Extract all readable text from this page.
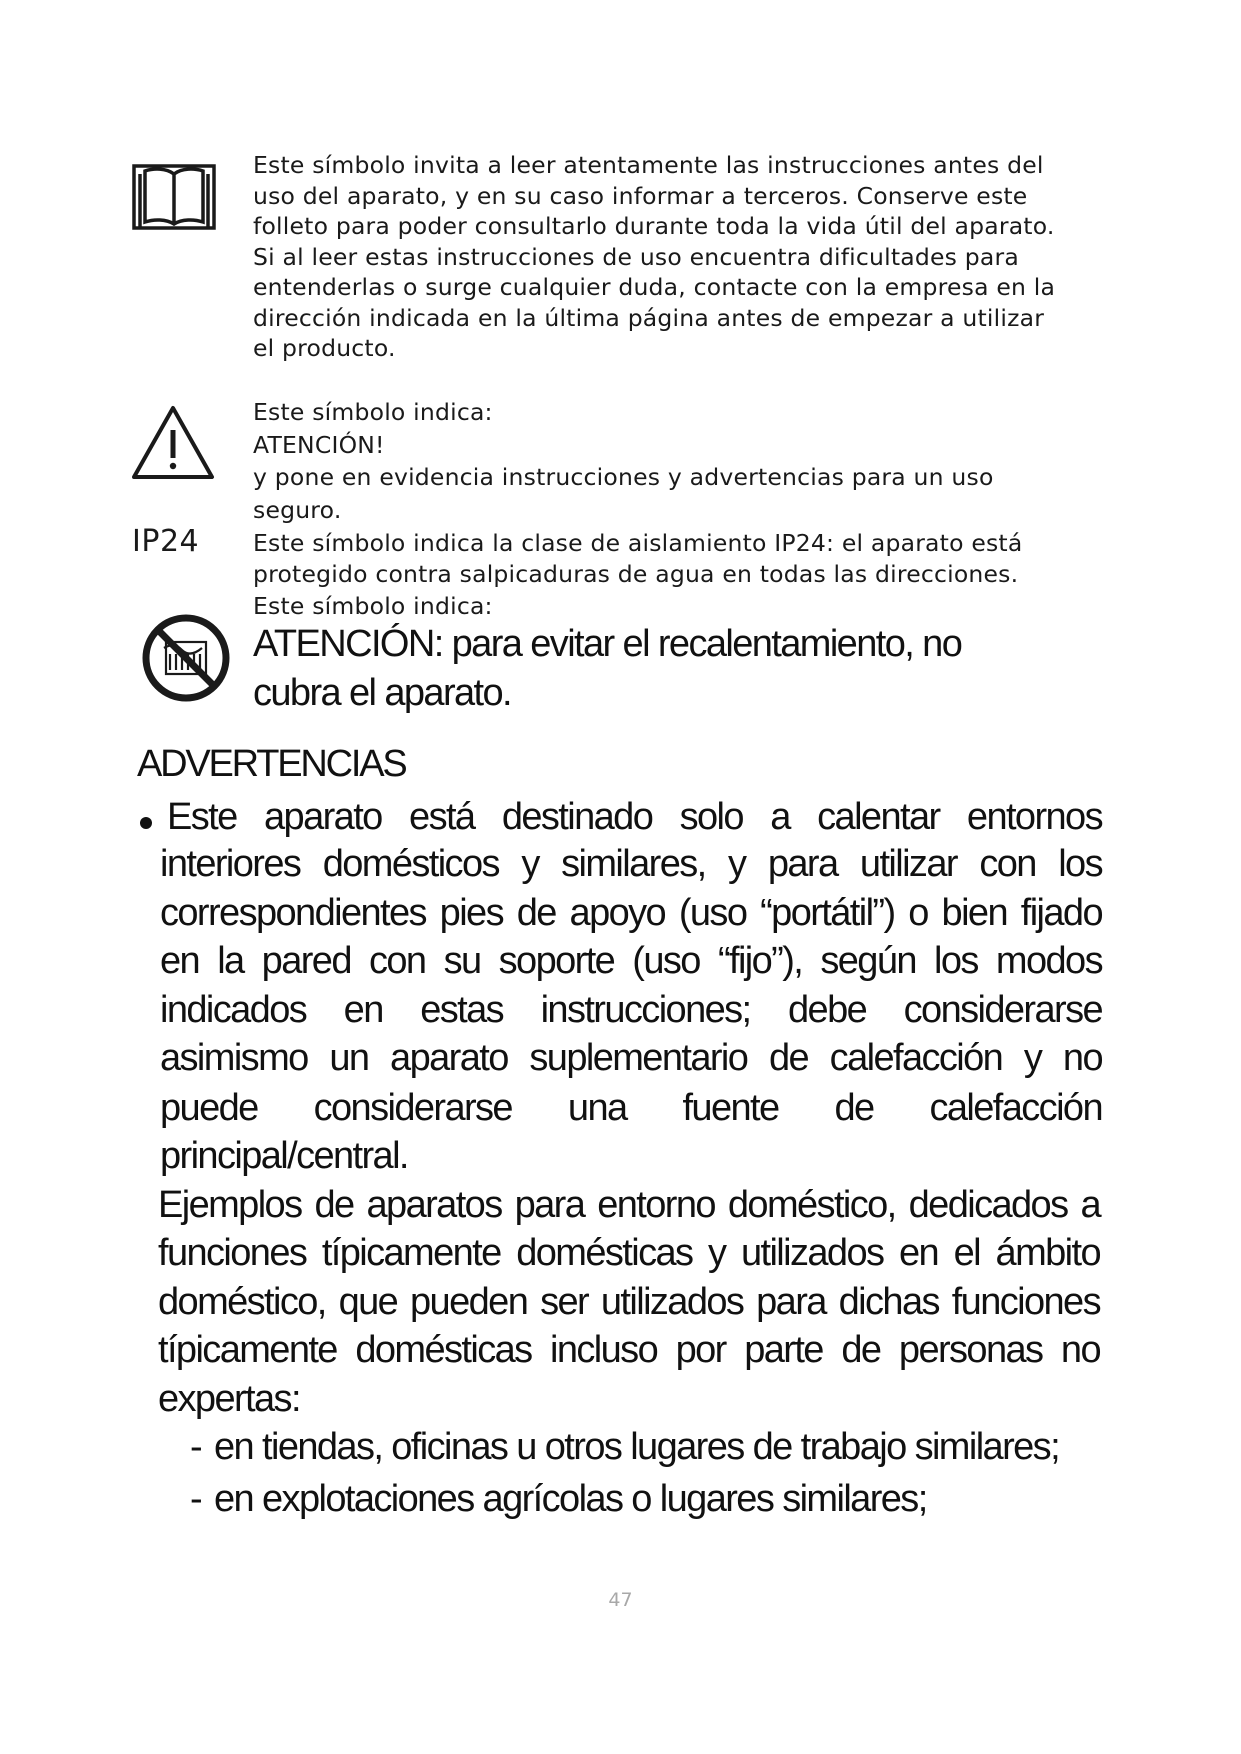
Este símbolo invita a leer atentamente las instrucciones antes del
uso del aparato, y en su caso informar a terceros. Conserve este
folleto para poder consultarlo durante toda la vida útil del aparato.
Si al leer estas instrucciones de uso encuentra dificultades para
entenderlas o surge cualquier duda, contacte con la empresa en la
dirección indicada en la última página antes de empezar a utilizar
el producto.
Este símbolo indica:
ATENCIÓN!
y pone en evidencia instrucciones y advertencias para un uso
seguro.
IP24 Este símbolo indica la clase de aislamiento IP24: el aparato está
protegido contra salpicaduras de agua en todas las direcciones.
Este símbolo indica:
ATENCIÓN: para evitar el recalentamiento, no
cubra el aparato.
ADVERTENCIAS
Este aparato está destinado solo a calentar entornos
interiores domésticos y similares, y para utilizar con los
correspondientes pies de apoyo (uso “portátil”) o bien fijado
en la pared con su soporte (uso “fijo”), según los modos
indicados en estas instrucciones; debe considerarse
asimismo un aparato suplementario de calefacción y no
puede considerarse una fuente de calefacción
principal/central.
Ejemplos de aparatos para entorno doméstico, dedicados a
funciones típicamente domésticas y utilizados en el ámbito
doméstico, que pueden ser utilizados para dichas funciones
típicamente domésticas incluso por parte de personas no
expertas:
- en tiendas, oficinas u otros lugares de trabajo similares;
- en explotaciones agrícolas o lugares similares;
47
